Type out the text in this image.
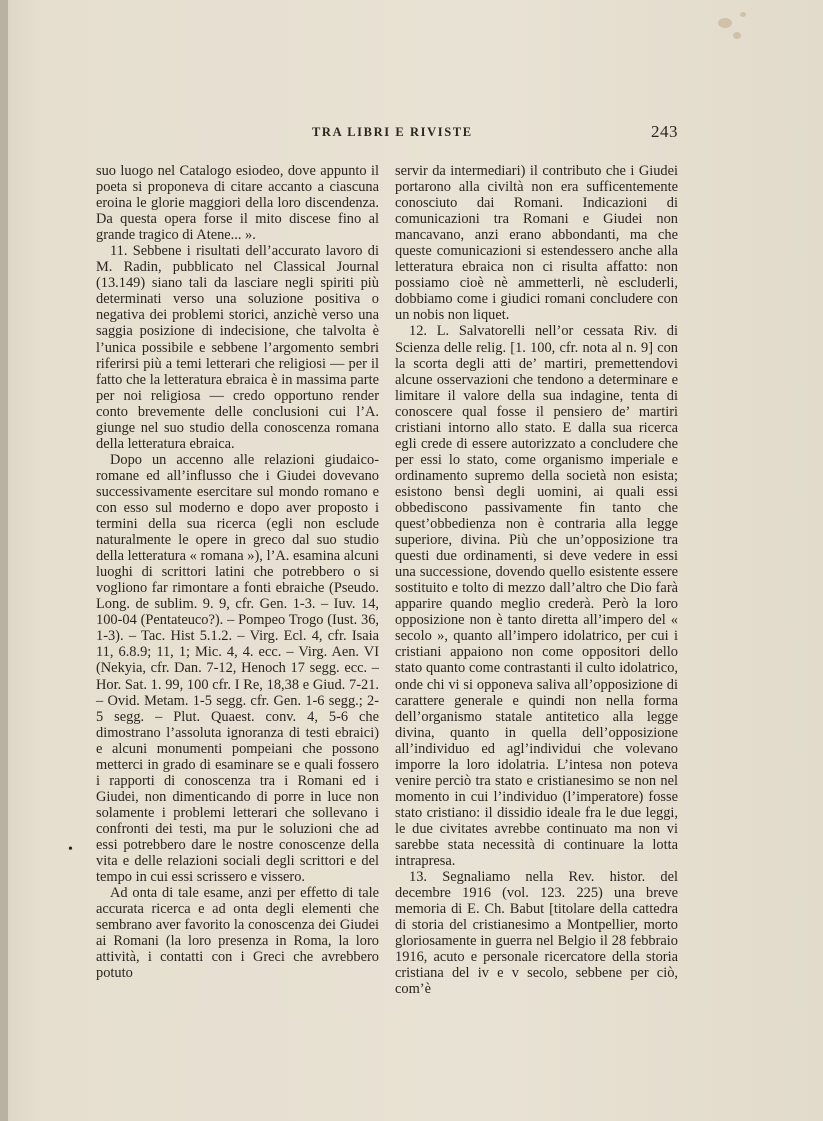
TRA LIBRI E RIVISTE	243

suo luogo nel Catalogo esiodeo, dove appunto il poeta si proponeva di citare accanto a ciascuna eroina le glorie maggiori della loro discendenza. Da questa opera forse il mito discese fino al grande tragico di Atene... ».

11. Sebbene i risultati dell’accurato lavoro di M. Radin, pubblicato nel Classical Journal (13.149) siano tali da lasciare negli spiriti più determinati verso una soluzione positiva o negativa dei problemi storici, anzichè verso una saggia posizione di indecisione, che talvolta è l’unica possibile e sebbene l’argomento sembri riferirsi più a temi letterari che religiosi — per il fatto che la letteratura ebraica è in massima parte per noi religiosa — credo opportuno render conto brevemente delle conclusioni cui l’A. giunge nel suo studio della conoscenza romana della letteratura ebraica.

Dopo un accenno alle relazioni giudaico-romane ed all’influsso che i Giudei dovevano successivamente esercitare sul mondo romano e con esso sul moderno e dopo aver proposto i termini della sua ricerca (egli non esclude naturalmente le opere in greco dal suo studio della letteratura « romana »), l’A. esamina alcuni luoghi di scrittori latini che potrebbero o si vogliono far rimontare a fonti ebraiche (Pseudo. Long. de sublim. 9. 9, cfr. Gen. 1-3. – Iuv. 14, 100-04 (Pentateuco?). – Pompeo Trogo (Iust. 36, 1-3). – Tac. Hist 5.1.2. – Virg. Ecl. 4, cfr. Isaia 11, 6.8.9; 11, 1; Mic. 4, 4. ecc. – Virg. Aen. VI (Nekyia, cfr. Dan. 7-12, Henoch 17 segg. ecc. – Hor. Sat. 1. 99, 100 cfr. I Re, 18,38 e Giud. 7-21. – Ovid. Metam. 1-5 segg. cfr. Gen. 1-6 segg.; 2-5 segg. – Plut. Quaest. conv. 4, 5-6 che dimostrano l’assoluta ignoranza di testi ebraici) e alcuni monumenti pompeiani che possono metterci in grado di esaminare se e quali fossero i rapporti di conoscenza tra i Romani ed i Giudei, non dimenticando di porre in luce non solamente i problemi letterari che sollevano i confronti dei testi, ma pur le soluzioni che ad essi potrebbero dare le nostre conoscenze della vita e delle relazioni sociali degli scrittori e del tempo in cui essi scrissero e vissero.

Ad onta di tale esame, anzi per effetto di tale accurata ricerca e ad onta degli elementi che sembrano aver favorito la conoscenza dei Giudei ai Romani (la loro presenza in Roma, la loro attività, i contatti con i Greci che avrebbero potuto

•

servir da intermediari) il contributo che i Giudei portarono alla civiltà non era sufficentemente conosciuto dai Romani. Indicazioni di comunicazioni tra Romani e Giudei non mancavano, anzi erano abbondanti, ma che queste comunicazioni si estendessero anche alla letteratura ebraica non ci risulta affatto: non possiamo cioè nè ammetterli, nè escluderli, dobbiamo come i giudici romani concludere con un nobis non liquet.

12. L. Salvatorelli nell’or cessata Riv. di Scienza delle relig. [1. 100, cfr. nota al n. 9] con la scorta degli atti de’ martiri, premettendovi alcune osservazioni che tendono a determinare e limitare il valore della sua indagine, tenta di conoscere qual fosse il pensiero de’ martiri cristiani intorno allo stato. E dalla sua ricerca egli crede di essere autorizzato a concludere che per essi lo stato, come organismo imperiale e ordinamento supremo della società non esista; esistono bensì degli uomini, ai quali essi obbediscono passivamente fin tanto che quest’obbedienza non è contraria alla legge superiore, divina. Più che un’opposizione tra questi due ordinamenti, si deve vedere in essi una successione, dovendo quello esistente essere sostituito e tolto di mezzo dall’altro che Dio farà apparire quando meglio crederà. Però la loro opposizione non è tanto diretta all’impero del « secolo », quanto all’impero idolatrico, per cui i cristiani appaiono non come oppositori dello stato quanto come contrastanti il culto idolatrico, onde chi vi si opponeva saliva all’opposizione di carattere generale e quindi non nella forma dell’organismo statale antitetico alla legge divina, quanto in quella dell’opposizione all’individuo ed agl’individui che volevano imporre la loro idolatria. L’intesa non poteva venire perciò tra stato e cristianesimo se non nel momento in cui l’individuo (l’imperatore) fosse stato cristiano: il dissidio ideale fra le due leggi, le due civitates avrebbe continuato ma non vi sarebbe stata necessità di continuare la lotta intrapresa.

13. Segnaliamo nella Rev. histor. del decembre 1916 (vol. 123. 225) una breve memoria di E. Ch. Babut [titolare della cattedra di storia del cristianesimo a Montpellier, morto gloriosamente in guerra nel Belgio il 28 febbraio 1916, acuto e personale ricercatore della storia cristiana del iv e v secolo, sebbene per ciò, com’è
